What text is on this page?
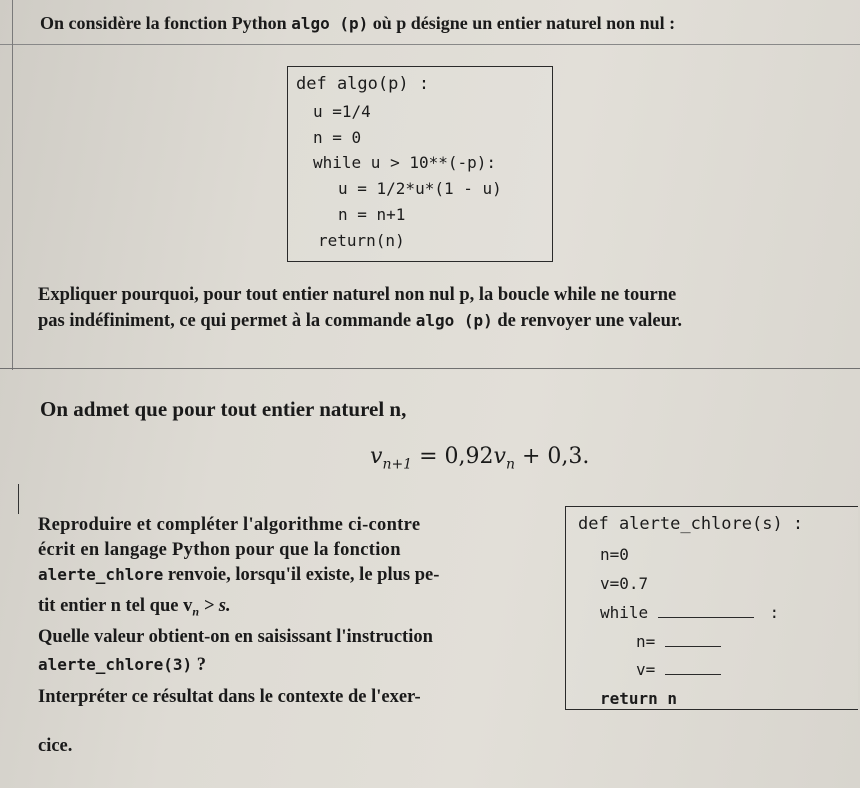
On considère la fonction Python algo (p) où p désigne un entier naturel non nul :
def algo(p) :
u =1/4
n = 0
while u > 10**(-p):
u = 1/2*u*(1 - u)
n = n+1
return(n)
Expliquer pourquoi, pour tout entier naturel non nul p, la boucle while ne tourne
pas indéfiniment, ce qui permet à la commande algo (p) de renvoyer une valeur.
On admet que pour tout entier naturel n,
$v_{n+1} = 0,92v_n + 0,3$.
Reproduire et compléter l'algorithme ci-contre
écrit en langage Python pour que la fonction
alerte_chlore renvoie, lorsqu'il existe, le plus pe-
tit entier n tel que $v_n > s$.
Quelle valeur obtient-on en saisissant l'instruction
alerte_chlore(3) ?
Interpréter ce résultat dans le contexte de l'exer-
cice.
def alerte_chlore(s) :
n=0
v=0.7
while	:
n=
v=
return n
